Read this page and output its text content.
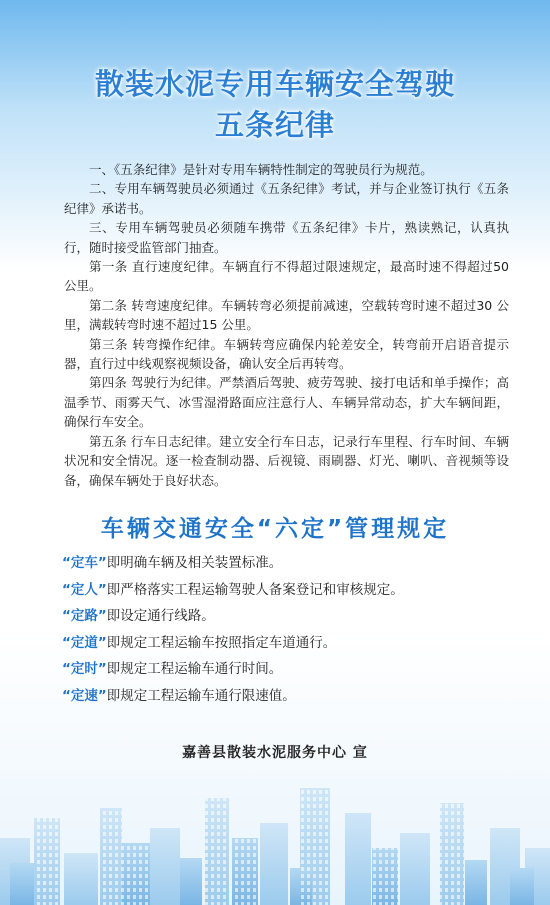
散装水泥专用车辆安全驾驶
五条纪律

一、《五条纪律》是针对专用车辆特性制定的驾驶员行为规范。

二、专用车辆驾驶员必须通过《五条纪律》考试，并与企业签订执行《五条纪律》承诺书。

三、专用车辆驾驶员必须随车携带《五条纪律》卡片，熟读熟记，认真执行，随时接受监管部门抽查。

第一条 直行速度纪律。车辆直行不得超过限速规定，最高时速不得超过50 公里。

第二条 转弯速度纪律。车辆转弯必须提前减速，空载转弯时速不超过30 公里，满载转弯时速不超过15 公里。

第三条 转弯操作纪律。车辆转弯应确保内轮差安全，转弯前开启语音提示器，直行过中线观察视频设备，确认安全后再转弯。

第四条 驾驶行为纪律。严禁酒后驾驶、疲劳驾驶、接打电话和单手操作；高温季节、雨雾天气、冰雪湿滑路面应注意行人、车辆异常动态，扩大车辆间距，确保行车安全。

第五条 行车日志纪律。建立安全行车日志，记录行车里程、行车时间、车辆状况和安全情况。逐一检查制动器、后视镜、雨刷器、灯光、喇叭、音视频等设备，确保车辆处于良好状态。

车辆交通安全“六定”管理规定
“定车”即明确车辆及相关装置标准。
“定人”即严格落实工程运输驾驶人备案登记和审核规定。
“定路”即设定通行线路。
“定道”即规定工程运输车按照指定车道通行。
“定时”即规定工程运输车通行时间。
“定速”即规定工程运输车通行限速值。
嘉善县散装水泥服务中心 宣
